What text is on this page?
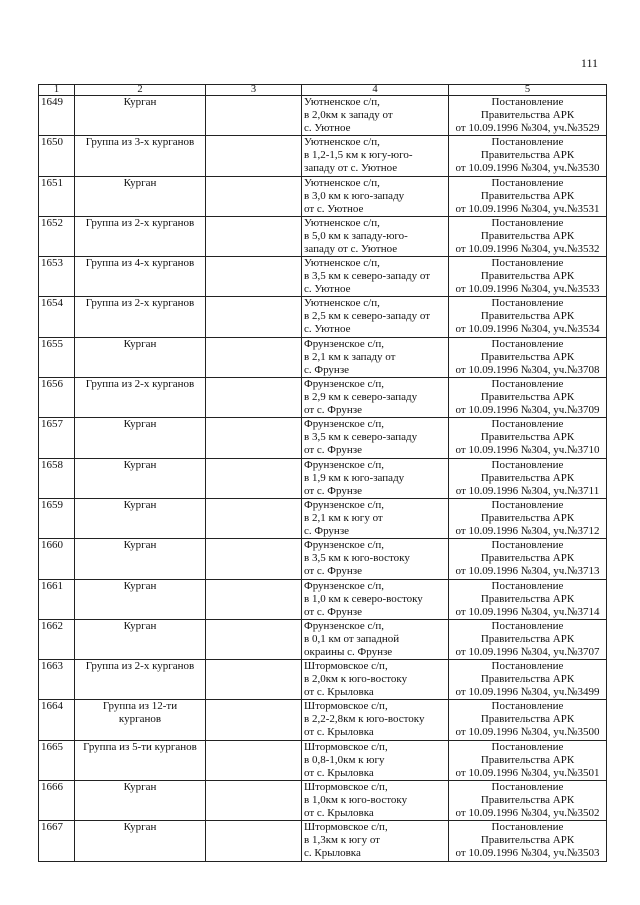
111
1	2	3	4	5
1649	Курган		Уютненское с/п,
в 2,0км к западу от
с. Уютное	Постановление
Правительства АРК
от 10.09.1996 №304, уч.№3529

1650	Группа из 3-х курганов		Уютненское с/п,
в 1,2-1,5 км к югу-юго-
западу от с. Уютное	Постановление
Правительства АРК
от 10.09.1996 №304, уч.№3530

1651	Курган		Уютненское с/п,
в 3,0 км к юго-западу
от с. Уютное	Постановление
Правительства АРК
от 10.09.1996 №304, уч.№3531

1652	Группа из 2-х курганов		Уютненское с/п,
в 5,0 км к западу-юго-
западу от с. Уютное	Постановление
Правительства АРК
от 10.09.1996 №304, уч.№3532

1653	Группа из 4-х курганов		Уютненское с/п,
в 3,5 км к северо-западу от
с. Уютное	Постановление
Правительства АРК
от 10.09.1996 №304, уч.№3533

1654	Группа из 2-х курганов		Уютненское с/п,
в 2,5 км к северо-западу от
с. Уютное	Постановление
Правительства АРК
от 10.09.1996 №304, уч.№3534

1655	Курган		Фрунзенское с/п,
в 2,1 км к западу от
с. Фрунзе	Постановление
Правительства АРК
от 10.09.1996 №304, уч.№3708

1656	Группа из 2-х курганов		Фрунзенское с/п,
в 2,9 км к северо-западу
от с. Фрунзе	Постановление
Правительства АРК
от 10.09.1996 №304, уч.№3709

1657	Курган		Фрунзенское с/п,
в 3,5 км к северо-западу
от с. Фрунзе	Постановление
Правительства АРК
от 10.09.1996 №304, уч.№3710

1658	Курган		Фрунзенское с/п,
в 1,9 км к юго-западу
от с. Фрунзе	Постановление
Правительства АРК
от 10.09.1996 №304, уч.№3711

1659	Курган		Фрунзенское с/п,
в 2,1 км к югу от
с. Фрунзе	Постановление
Правительства АРК
от 10.09.1996 №304, уч.№3712

1660	Курган		Фрунзенское с/п,
в 3,5 км к юго-востоку
от с. Фрунзе	Постановление
Правительства АРК
от 10.09.1996 №304, уч.№3713

1661	Курган		Фрунзенское с/п,
в 1,0 км к северо-востоку
от с. Фрунзе	Постановление
Правительства АРК
от 10.09.1996 №304, уч.№3714

1662	Курган		Фрунзенское с/п,
в 0,1 км от западной
окраины с. Фрунзе	Постановление
Правительства АРК
от 10.09.1996 №304, уч.№3707

1663	Группа из 2-х курганов		Штормовское с/п,
в 2,0км к юго-востоку
от с. Крыловка	Постановление
Правительства АРК
от 10.09.1996 №304, уч.№3499

1664	Группа из 12-ти
курганов		Штормовское с/п,
в 2,2-2,8км к юго-востоку
от с. Крыловка	Постановление
Правительства АРК
от 10.09.1996 №304, уч.№3500

1665	Группа из 5-ти курганов		Штормовское с/п,
в 0,8-1,0км к югу
от с. Крыловка	Постановление
Правительства АРК
от 10.09.1996 №304, уч.№3501

1666	Курган		Штормовское с/п,
в 1,0км к юго-востоку
от с. Крыловка	Постановление
Правительства АРК
от 10.09.1996 №304, уч.№3502

1667	Курган		Штормовское с/п,
в 1,3км к югу от
с. Крыловка	Постановление
Правительства АРК
от 10.09.1996 №304, уч.№3503
